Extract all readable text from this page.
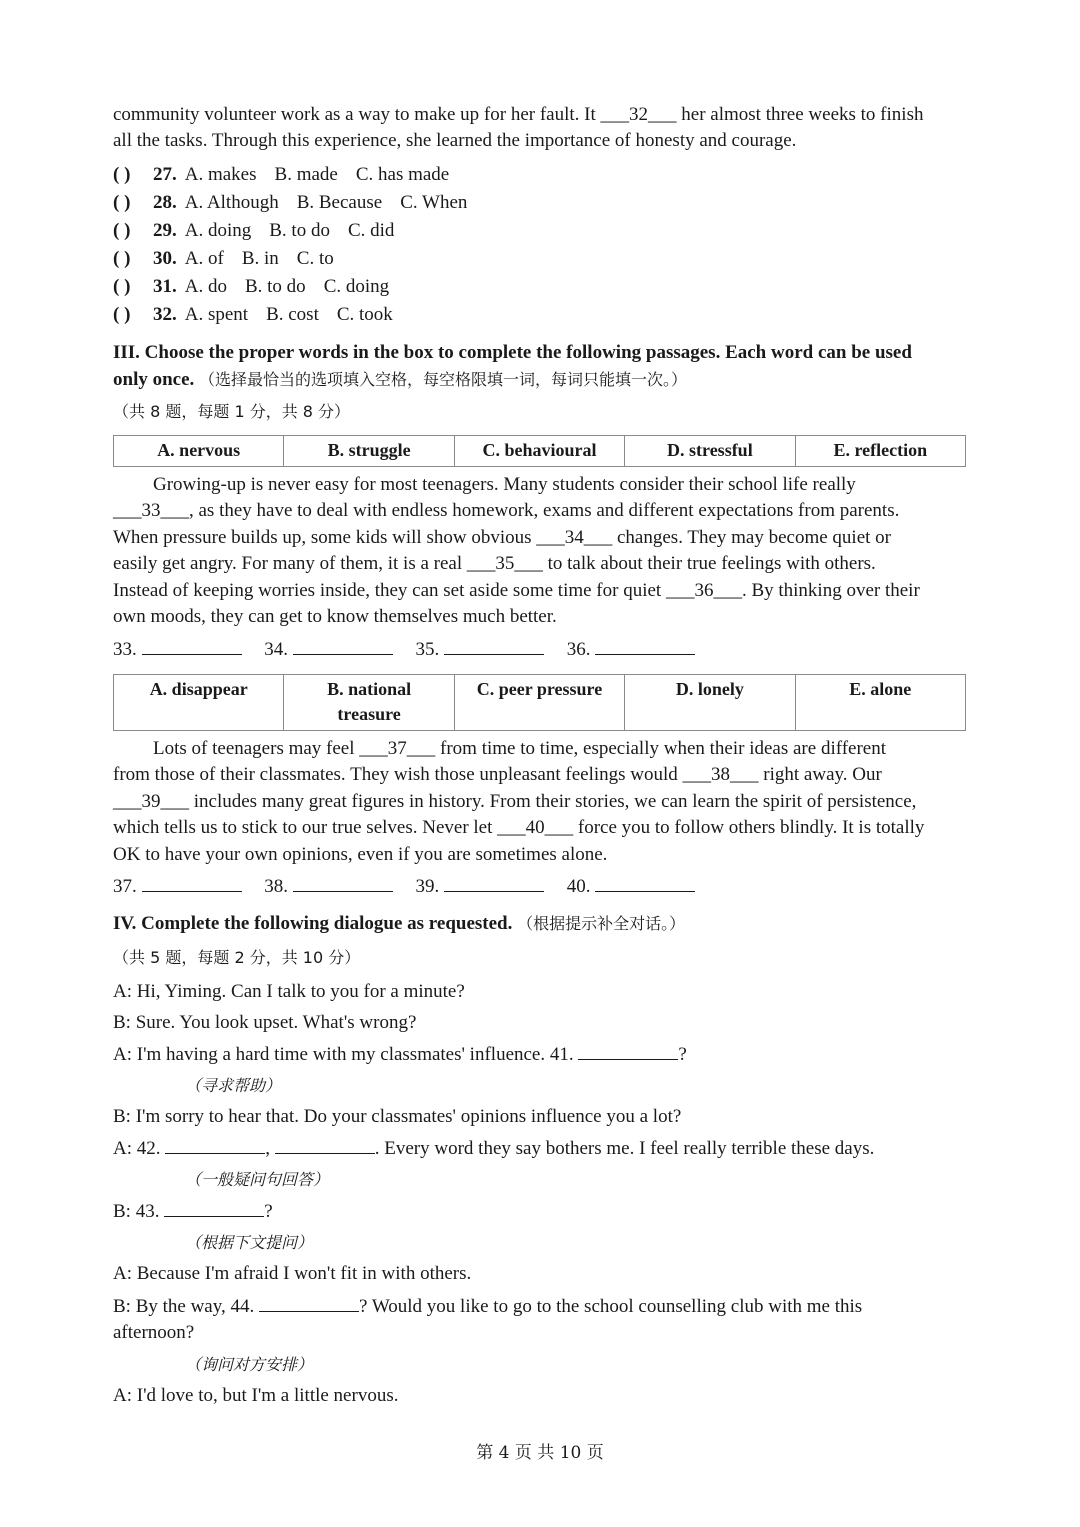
community volunteer work as a way to make up for her fault. It ___32___ her almost three weeks to finish
all the tasks. Through this experience, she learned the importance of honesty and courage.
( ) 27. A. makes B. made C. has made
( ) 28. A. Although B. Because C. When
( ) 29. A. doing B. to do C. did
( ) 30. A. of B. in C. to
( ) 31. A. do B. to do C. doing
( ) 32. A. spent B. cost C. took
III. Choose the proper words in the box to complete the following passages. Each word can be used
only once. （选择最恰当的选项填入空格，每空格限填一词，每词只能填一次。）
（共 8 题，每题 1 分，共 8 分）
A. nervous	B. struggle	C. behavioural	D. stressful	E. reflection
Growing-up is never easy for most teenagers. Many students consider their school life really
___33___, as they have to deal with endless homework, exams and different expectations from parents.
When pressure builds up, some kids will show obvious ___34___ changes. They may become quiet or
easily get angry. For many of them, it is a real ___35___ to talk about their true feelings with others.
Instead of keeping worries inside, they can set aside some time for quiet ___36___. By thinking over their
own moods, they can get to know themselves much better.
33.	34.	35.	36.
A. disappear	B. national treasure	C. peer pressure	D. lonely	E. alone
Lots of teenagers may feel ___37___ from time to time, especially when their ideas are different
from those of their classmates. They wish those unpleasant feelings would ___38___ right away. Our
___39___ includes many great figures in history. From their stories, we can learn the spirit of persistence,
which tells us to stick to our true selves. Never let ___40___ force you to follow others blindly. It is totally
OK to have your own opinions, even if you are sometimes alone.
37.	38.	39.	40.
IV. Complete the following dialogue as requested. （根据提示补全对话。）
（共 5 题，每题 2 分，共 10 分）
A: Hi, Yiming. Can I talk to you for a minute?
B: Sure. You look upset. What's wrong?
A: I'm having a hard time with my classmates' influence. 41.	?
（寻求帮助）
B: I'm sorry to hear that. Do your classmates' opinions influence you a lot?
A: 42.	,	. Every word they say bothers me. I feel really terrible these days.
（一般疑问句回答）
B: 43.	?
（根据下文提问）
A: Because I'm afraid I won't fit in with others.
B: By the way, 44.	? Would you like to go to the school counselling club with me this
afternoon?
（询问对方安排）
A: I'd love to, but I'm a little nervous.
第 4 页 共 10 页
